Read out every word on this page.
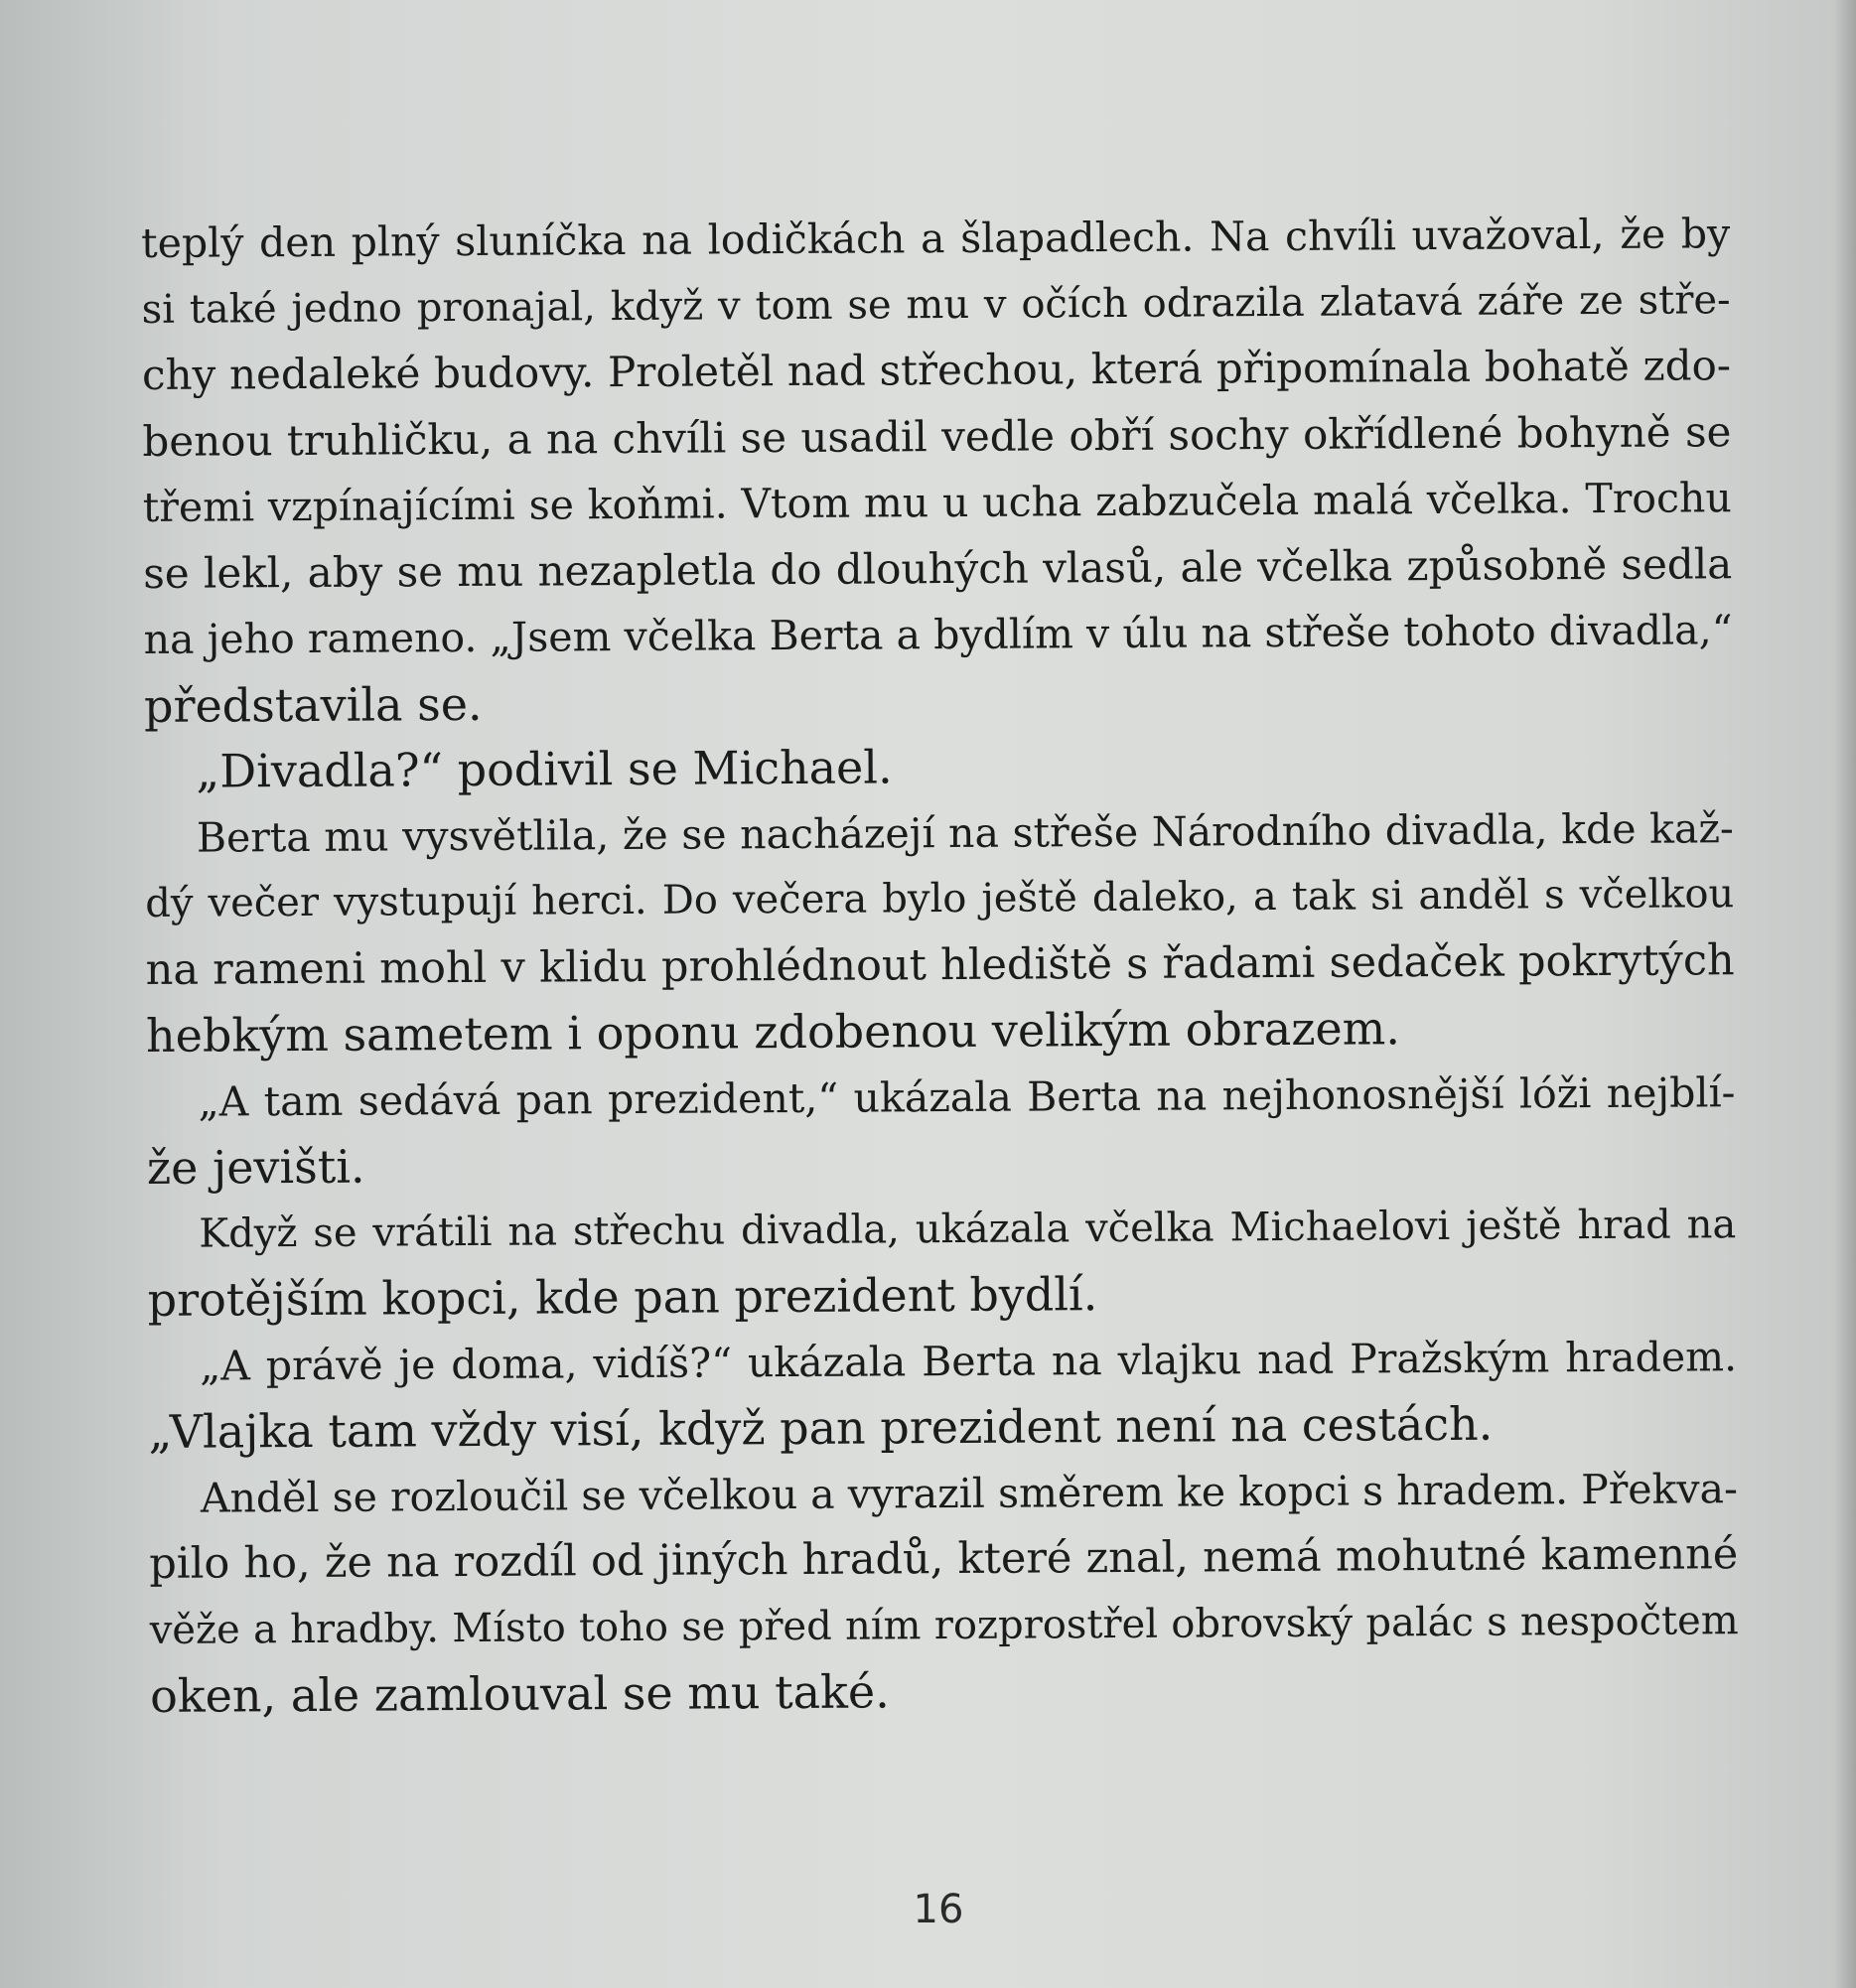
teplý den plný sluníčka na lodičkách a šlapadlech. Na chvíli uvažoval, že by
si také jedno pronajal, když v tom se mu v očích odrazila zlatavá záře ze stře-
chy nedaleké budovy. Proletěl nad střechou, která připomínala bohatě zdo-
benou truhličku, a na chvíli se usadil vedle obří sochy okřídlené bohyně se
třemi vzpínajícími se koňmi. Vtom mu u ucha zabzučela malá včelka. Trochu
se lekl, aby se mu nezapletla do dlouhých vlasů, ale včelka způsobně sedla
na jeho rameno. „Jsem včelka Berta a bydlím v úlu na střeše tohoto divadla,“
představila se.
„Divadla?“ podivil se Michael.
Berta mu vysvětlila, že se nacházejí na střeše Národního divadla, kde kaž-
dý večer vystupují herci. Do večera bylo ještě daleko, a tak si anděl s včelkou
na rameni mohl v klidu prohlédnout hlediště s řadami sedaček pokrytých
hebkým sametem i oponu zdobenou velikým obrazem.
„A tam sedává pan prezident,“ ukázala Berta na nejhonosnější lóži nejblí-
že jevišti.
Když se vrátili na střechu divadla, ukázala včelka Michaelovi ještě hrad na
protějším kopci, kde pan prezident bydlí.
„A právě je doma, vidíš?“ ukázala Berta na vlajku nad Pražským hradem.
„Vlajka tam vždy visí, když pan prezident není na cestách.
Anděl se rozloučil se včelkou a vyrazil směrem ke kopci s hradem. Překva-
pilo ho, že na rozdíl od jiných hradů, které znal, nemá mohutné kamenné
věže a hradby. Místo toho se před ním rozprostřel obrovský palác s nespočtem
oken, ale zamlouval se mu také.
16
